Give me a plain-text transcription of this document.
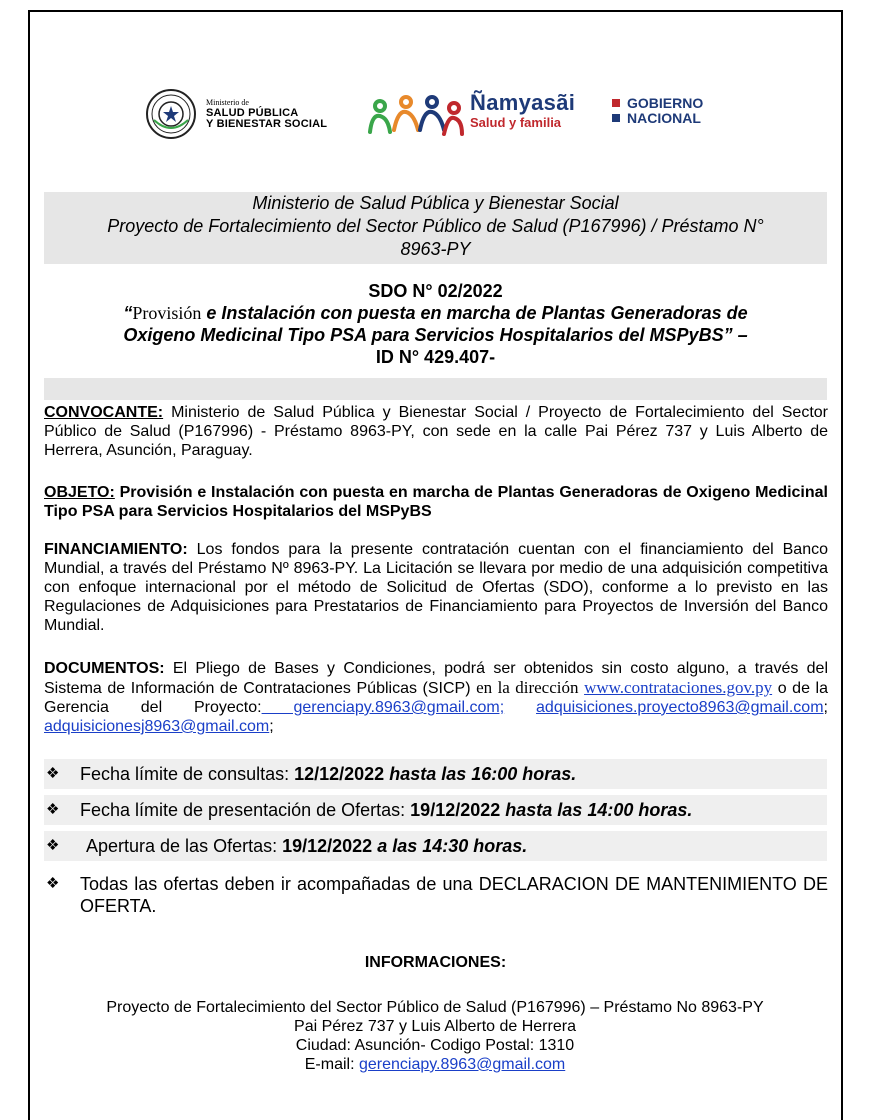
Ministerio de
SALUD PÚBLICA
Y BIENESTAR SOCIAL
Ñamyasãi
Salud y familia
GOBIERNO
NACIONAL
Ministerio de Salud Pública y Bienestar Social
Proyecto de Fortalecimiento del Sector Público de Salud (P167996) / Préstamo N°
8963-PY
SDO N° 02/2022
“Provisión e Instalación con puesta en marcha de Plantas Generadoras de
Oxigeno Medicinal Tipo PSA para Servicios Hospitalarios del MSPyBS” –
ID N° 429.407-
CONVOCANTE: Ministerio de Salud Pública y Bienestar Social / Proyecto de Fortalecimiento del Sector Público de Salud (P167996) - Préstamo 8963-PY, con sede en la calle Pai Pérez 737 y Luis Alberto de Herrera, Asunción, Paraguay.
OBJETO: Provisión e Instalación con puesta en marcha de Plantas Generadoras de Oxigeno Medicinal Tipo PSA para Servicios Hospitalarios del MSPyBS
FINANCIAMIENTO: Los fondos para la presente contratación cuentan con el financiamiento del Banco Mundial, a través del Préstamo Nº 8963-PY. La Licitación se llevara por medio de una adquisición competitiva con enfoque internacional por el método de Solicitud de Ofertas (SDO), conforme a lo previsto en las Regulaciones de Adquisiciones para Prestatarios de Financiamiento para Proyectos de Inversión del Banco Mundial.
DOCUMENTOS: El Pliego de Bases y Condiciones, podrá ser obtenidos sin costo alguno, a través del Sistema de Información de Contrataciones Públicas (SICP) en la dirección www.contrataciones.gov.py o de la Gerencia del Proyecto: gerenciapy.8963@gmail.com; adquisiciones.proyecto8963@gmail.com; adquisicionesj8963@gmail.com;
❖ Fecha límite de consultas: 12/12/2022 hasta las 16:00 horas.
❖ Fecha límite de presentación de Ofertas: 19/12/2022 hasta las 14:00 horas.
❖ Apertura de las Ofertas: 19/12/2022 a las 14:30 horas.
❖ Todas las ofertas deben ir acompañadas de una DECLARACION DE MANTENIMIENTO DE OFERTA.
INFORMACIONES:
Proyecto de Fortalecimiento del Sector Público de Salud (P167996) – Préstamo No 8963-PY
Pai Pérez 737 y Luis Alberto de Herrera
Ciudad: Asunción- Codigo Postal: 1310
E-mail: gerenciapy.8963@gmail.com
